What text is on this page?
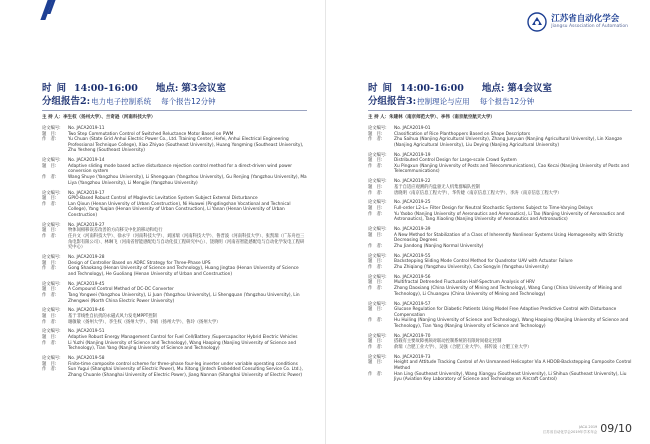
时间 14:00-16:00 地点: 第3会议室
分组报告2: 电力电子控制系统 每个报告12分钟
主 持 人：李生权（扬州大学）、兰奇逊（河南科技大学）
论文编号:	No. JACA2019-11
题　目:	Two Step Commutation Control of Switched Reluctance Motor Based on PWM
作　者:	Yu Chuan (State Grid Anhui Electric Power Co., Ltd. Training Center, Hefei, Anhui Electrical Engineering Professional Technique College), Xiao Zhiyao (Southeast University), Huang Yongming (Southeast University), Zhu Yesheng (Southeast University)
论文编号:	No. JACA2019-14
题　目:	Adaptive sliding mode based active disturbance rejection control method for a direct-driven wind power conversion system
作　者:	Wang Shuye (Yangzhou University), Li Shengquan (Yangzhou University), Gu Renjing (Yangzhou University), Ma Liya (Yangzhou University), Li Mengjie (Yangzhou University)
论文编号:	No. JACA2019-17
题　目:	GPIO-Based Robust Control of Maglevtic Levitation System Subject Extemal Disturbance
作　者:	Lan Qixun (Henan University of Urban Construction), Ni Huawei (Pingdingshan Vocational and Technical College), Yang Yuqian (Henan University of Urban Construction), Li Yanan (Henan University of Urban Construction)
论文编号:	No. JACA2019-27
题　目:	物体间相移误差改善的方向移交中化的移动和电行
作　者:	任兵文（河南科技大学）、徐永宇（河南科技大学）、刘国瑞（河南科技大学）、鲁晋波（河南科技大学）、张凯瑞（广东舟也三角电影有限公司）、林琳飞（河南省智能感配电与自动化技工程研究中心）、饶晓明（河南省智能感配电与自动化学发电工程研究中心）
论文编号:	No. JACA2019-28
题　目:	Design of Controller Based on ADRC Strategy for Three-Phase UPS
作　者:	Gong Shaokang (Henan University of Science and Technology), Huang Jingtao (Henan University of Science and Technology), He Guoliang (Henan University of Urban and Construction)
论文编号:	No. JACA2019-45
题　目:	A Compound Control Method of DC-DC Converter
作　者:	Tang Yongwei (Yangzhou University), Li Juan (Yangzhou University), Li Shengquan (Yangzhou University), Lin Zhengwei (North China Electric Power University)
论文编号:	No. JACA2019-46
题　目:	基于非线性自抗扰的永磁式风力发电MPPT控制
作　者:	谢敏敏（扬州大学）、李生权（扬州大学）、李娟（扬州大学）、鲁玲（扬州大学）
论文编号:	No. JACA2019-51
题　目:	Adaptive Robust Energy Management Control for Fuel Cell/Battery /Supercapacitor Hybrid Electric Vehicles
作　者:	Li Yuzhi (Nanjing University of Science and Technology), Wang Haoping (Nanjing University of Science and Technology), Tian Yang (Nanjing University of Science and Technology)
论文编号:	No. JACA2019-58
题　目:	Finite-time composite control scheme for three-phase four-leg inverter under variable operating conditions
作　者:	Sun Yugui (Shanghai University of Electric Power), Mu Xitong (Jintech Embedded Consulting Service Co. Ltd.), Zhang Chuanle (Shanghai University of Electric Power), Jiang Nannan (Shanghai University of Electric Power)
江苏省自动化学会
Jiangsu Association of Automation
时间 14:00-16:00 地点: 第4会议室
分组报告3: 控制理论与应用 每个报告12分钟
主 持 人：朱建林（南京师范大学）、李伟（南京航空航天大学）
论文编号:	No. JACA2019-01
题　目:	Classification of Rice Planthoppers Based on Shape Descriptors
作　者:	Zhu Saihua (Nanjing Agricultural University), Zhang Junyuan (Nanjing Agricultural University), Lin Xiangze (Nanjing Agricultural University), Liu Deying (Nanjing Agricultural University)
论文编号:	No. JACA2019-19
题　目:	Distributed Control Design for Large-scale Crowd System
作　者:	Xu Pingxun (Nanjing University of Posts and Telecommunications), Cao Kecai (Nanjing University of Posts and Telecommunications)
论文编号:	No. JACA2019-22
题　目:	基于自适应观测的内盘驱无人机集群编队控制
作　者:	唐晓明（南京信息工程大学）、华传婕（南京信息工程大学）、李涛（南京信息工程大学）
论文编号:	No. JACA2019-25
题　目:	Full-order L2-L∞ Filter Design for Neutral Stochastic Systems Subject to Time-Varying Delays
作　者:	Yu Yaobo (Nanjing University of Aeronautics and Aeronautics), Li Tao (Nanjing University of Aeronautics and Astronautics), Tang Xiaoling (Nanjing University of Aeronautics and Astronautics)
论文编号:	No. JACA2019-39
题　目:	A New Method for Stabilization of a Class of Inherently Nonlinear Systems Using Homogeneity with Strictly Decreasing Degrees
作　者:	Zhu Jiandong (Nanjing Normal University)
论文编号:	No. JACA2019-55
题　目:	Backstepping Sliding Mode Control Method for Quadrotor UAV with Actuator Failure
作　者:	Zhu Zhiqiang (Yangzhou University), Cao Songyin (Yangzhou University)
论文编号:	No. JACA2019-56
题　目:	Multifractal Detrended Fluctuation Half-Spectrum Analysis of HRV
作　者:	Zhong Daoxiang (China University of Mining and Technology), Wang Cong (China University of Mining and Technology), Li Chuangxu (China University of Mining and Technology)
论文编号:	No. JACA2019-57
题　目:	Glucose Regulation for Diabetic Patients Using Model Free Adaptive Predictive Control with Disturbance Compensation
作　者:	Hu Huiling (Nanjing University of Science and Technology), Wang Haoping (Nanjing University of Science and Technology), Tian Yang (Nanjing University of Science and Technology)
论文编号:	No. JACA2019-70
题　目:	搭载有主要故障视频对联动控制系统的有限时间稳定控制
作　者:	俞瑞（合肥工业大学）、吴强（合肥工业大学）、郝传波（合肥工业大学）
论文编号:	No. JACA2019-73
题　目:	Height and Attitude Tracking Control of An Unmanned Helicopter Via A HDOB-Backstepping Composite Control Method
作　者:	Han Ling (Southeast University), Wang Xiangyu (Southeast University), Li Shihua (Southeast University), Liu Jiyu (Aviation Key Laboratory of Science and Technology on Aircraft Control)
JACA 2019
江苏省自动化学会2019年学术年会 09/10
